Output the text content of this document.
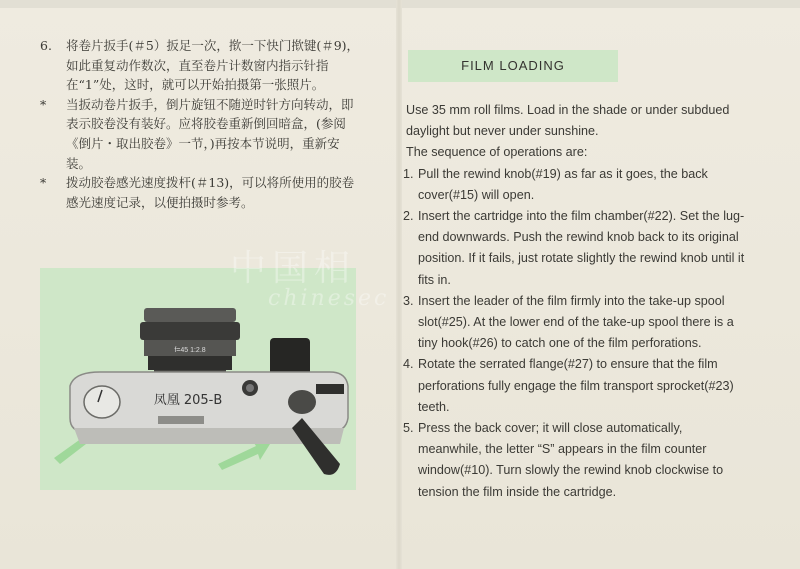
6. 将卷片扳手(＃5）扳足一次，揿一下快门揿键(＃9)，如此重复动作数次，直至卷片计数窗内指示针指在“1”处，这时，就可以开始拍摄第一张照片。
* 当扳动卷片扳手，倒片旋钮不随逆时针方向转动，即表示胶卷没有装好。应将胶卷重新倒回暗盒，(参阅《倒片・取出胶卷》一节，)再按本节说明，重新安装。
* 拨动胶卷感光速度拨杆(＃13)，可以将所使用的胶卷感光速度记录，以便拍摄时参考。
f=45 1:2.8
凤凰 205-B
中国相
chinesec
FILM LOADING

Use 35 mm roll films. Load in the shade or under subdued daylight but never under sunshine.

The sequence of operations are:

1. Pull the rewind knob(#19) as far as it goes, the back cover(#15) will open.

2. Insert the cartridge into the film chamber(#22). Set the lug-end downwards. Push the rewind knob back to its original position. If it fails, just rotate slightly the rewind knob until it fits in.

3. Insert the leader of the film firmly into the take-up spool slot(#25). At the lower end of the take-up spool there is a tiny hook(#26) to catch one of the film perforations.

4. Rotate the serrated flange(#27) to ensure that the film perforations fully engage the film transport sprocket(#23) teeth.

5. Press the back cover; it will close automatically, meanwhile, the letter “S” appears in the film counter window(#10). Turn slowly the rewind knob clockwise to tension the film inside the cartridge.
